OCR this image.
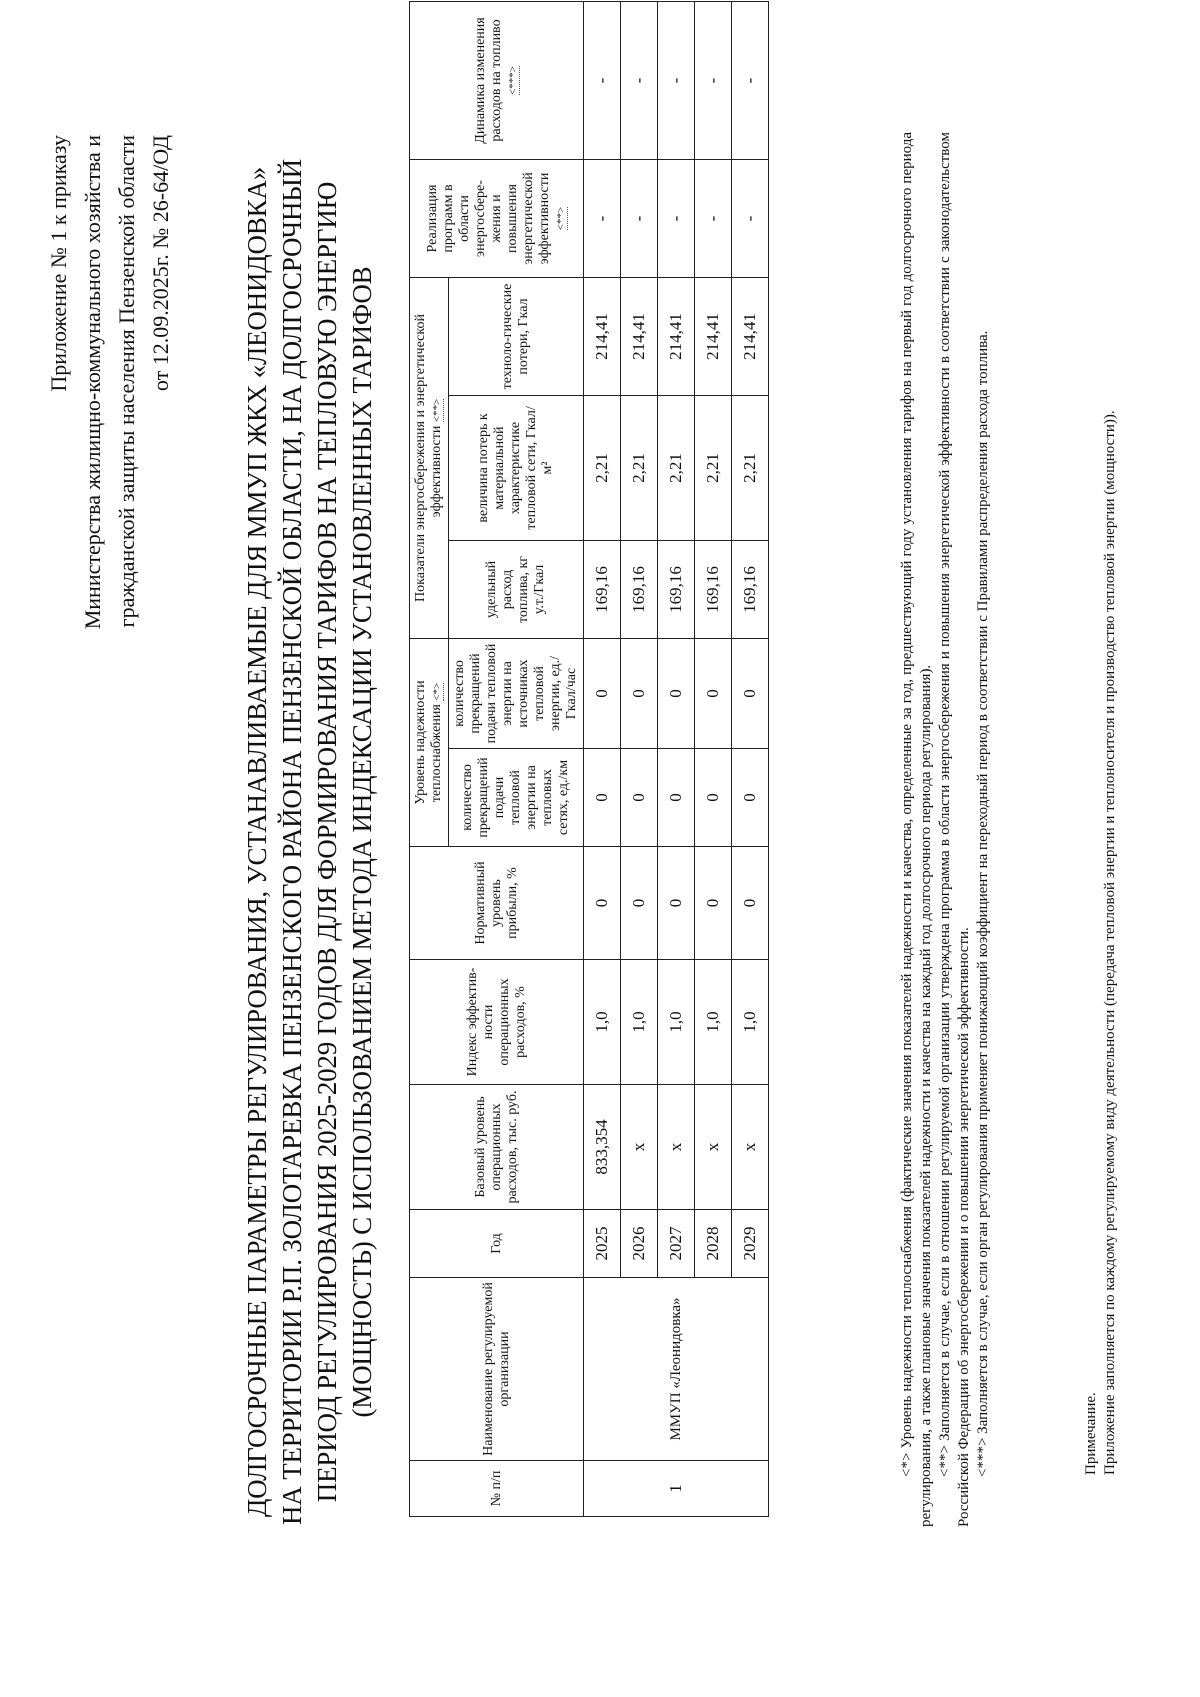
Приложение № 1 к приказу Министерства жилищно-коммунального хозяйства и гражданской защиты населения Пензенской области от 12.09.2025г. № 26-64/ОД	ДОЛГОСРОЧНЫЕ ПАРАМЕТРЫ РЕГУЛИРОВАНИЯ, УСТАНАВЛИВАЕМЫЕ ДЛЯ ММУП ЖКХ «ЛЕОНИДОВКА» НА ТЕРРИТОРИИ Р.П. ЗОЛОТАРЕВКА ПЕНЗЕНСКОГО РАЙОНА ПЕНЗЕНСКОЙ ОБЛАСТИ, НА ДОЛГОСРОЧНЫЙ ПЕРИОД РЕГУЛИРОВАНИЯ 2025-2029 ГОДОВ ДЛЯ ФОРМИРОВАНИЯ ТАРИФОВ НА ТЕПЛОВУЮ ЭНЕРГИЮ (МОЩНОСТЬ) С ИСПОЛЬЗОВАНИЕМ МЕТОДА ИНДЕКСАЦИИ УСТАНОВЛЕННЫХ ТАРИФОВ
№ п/п	Наименование регулируемой организации	Год	Базовый уровень операционных расходов, тыс. руб.	Индекс эффектив-ности операционных расходов, %	Нормативный уровень прибыли, %	Уровень надежности теплоснабжения <*>		Показатели энергосбережения и энергетической эффективности <**>			Реализация программ в области энергосбере-жения и повышения энергетической эффективности <**>	Динамика изменения расходов на топливо <***>
						количество прекращений подачи тепловой энергии на тепловых сетях, ед./км	количество прекращений подачи тепловой энергии на источниках тепловой энергии, ед./Гкал/час	удельный расход топлива, кг у.т./Гкал	величина потерь к материальной характеристике тепловой сети, Гкал/м²	техноло-гические потери, Гкал		
1	ММУП «Леонидовка»	2025	833,354	1,0	0	0	0	169,16	2,21	214,41	-	-
		2026	х	1,0	0	0	0	169,16	2,21	214,41	-	-
		2027	х	1,0	0	0	0	169,16	2,21	214,41	-	-
		2028	х	1,0	0	0	0	169,16	2,21	214,41	-	-
		2029	х	1,0	0	0	0	169,16	2,21	214,41	-	-

<*> Уровень надежности теплоснабжения (фактические значения показателей надежности и качества, определенные за год, предшествующий году установления тарифов на первый год долгосрочного периода регулирования, а также плановые значения показателей надежности и качества на каждый год долгосрочного периода регулирования). <**> Заполняется в случае, если в отношении регулируемой организации утверждена программа в области энергосбережения и повышения энергетической эффективности в соответствии с законодательством Российской Федерации об энергосбережении и о повышении энергетической эффективности. <***> Заполняется в случае, если орган регулирования применяет понижающий коэффициент на переходный период в соответствии с Правилами распределения расхода топлива.	Примечание. Приложение заполняется по каждому регулируемому виду деятельности (передача тепловой энергии и теплоносителя и производство тепловой энергии (мощности)).
